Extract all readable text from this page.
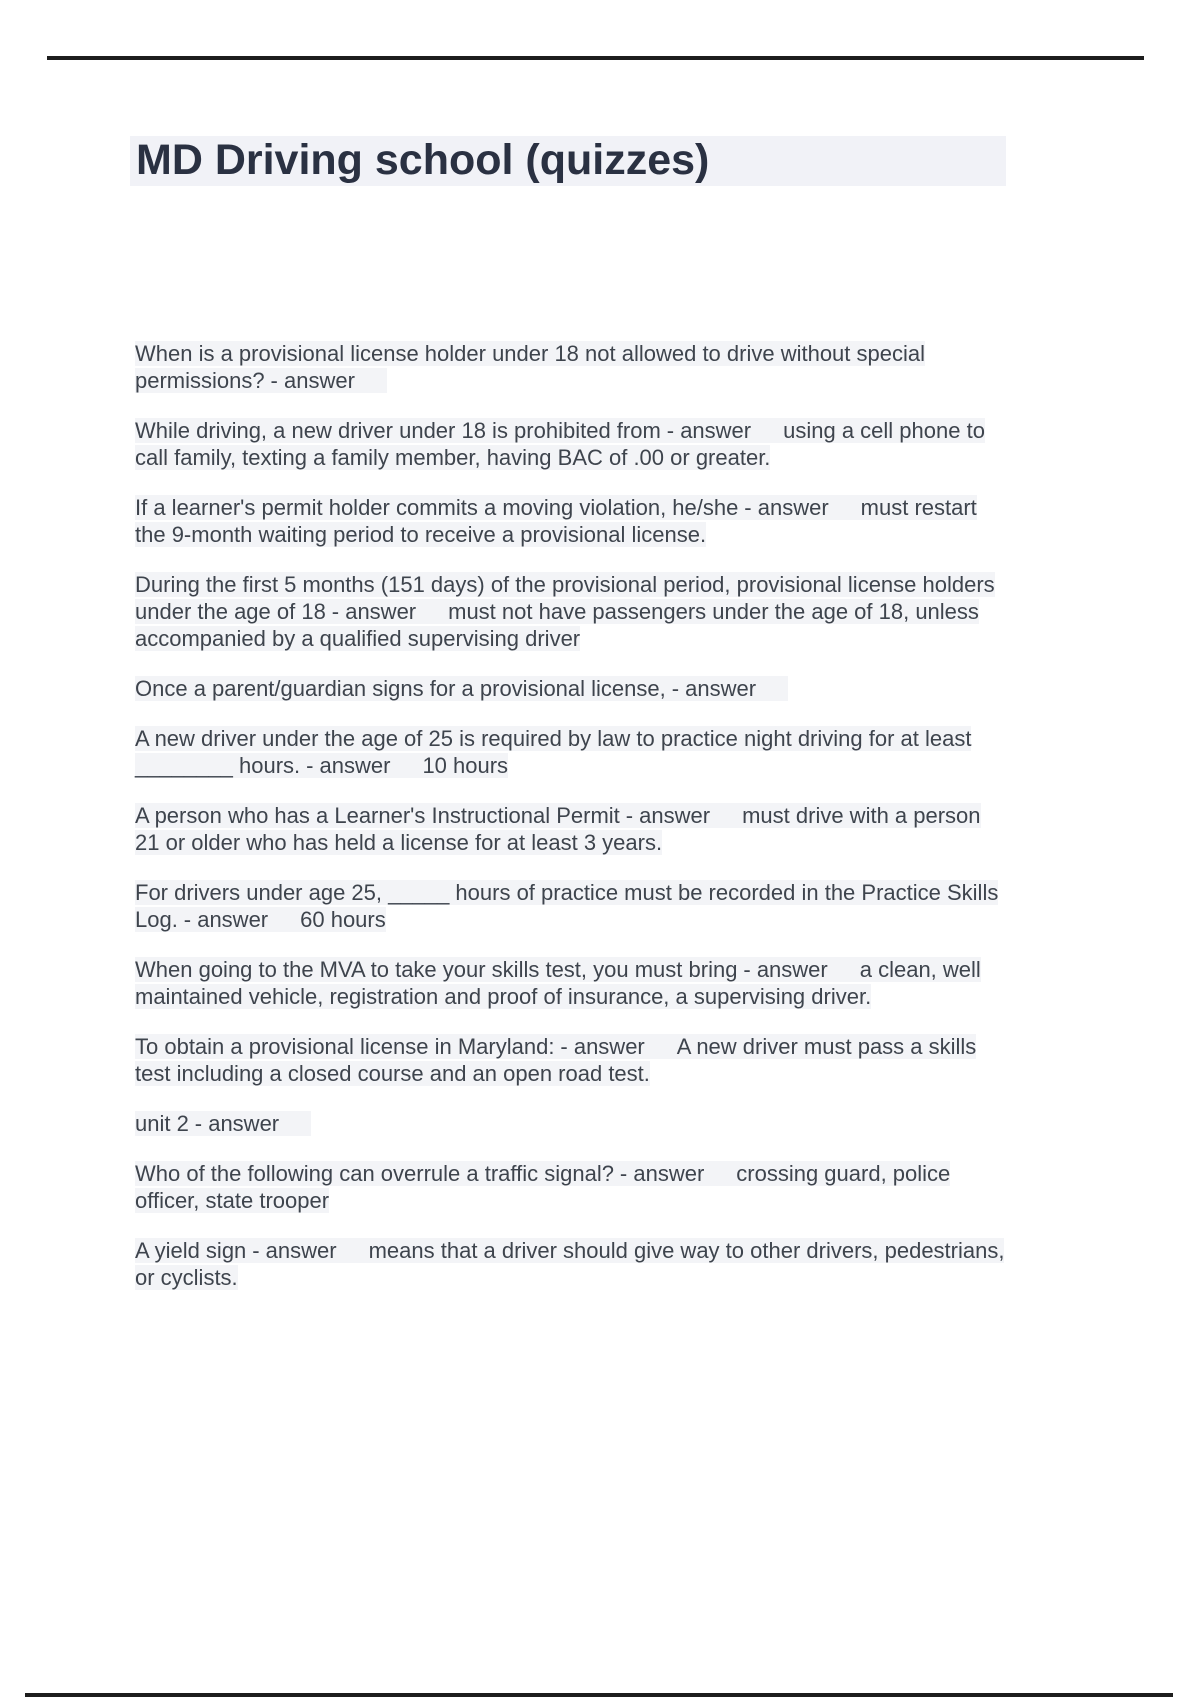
MD Driving school (quizzes)

When is a provisional license holder under 18 not allowed to drive without special permissions? - answer

While driving, a new driver under 18 is prohibited from - answer using a cell phone to call family, texting a family member, having BAC of .00 or greater.

If a learner's permit holder commits a moving violation, he/she - answer must restart the 9-month waiting period to receive a provisional license.

During the first 5 months (151 days) of the provisional period, provisional license holders under the age of 18 - answer must not have passengers under the age of 18, unless accompanied by a qualified supervising driver

Once a parent/guardian signs for a provisional license, - answer

A new driver under the age of 25 is required by law to practice night driving for at least ________ hours. - answer 10 hours

A person who has a Learner's Instructional Permit - answer must drive with a person 21 or older who has held a license for at least 3 years.

For drivers under age 25, _____ hours of practice must be recorded in the Practice Skills Log. - answer 60 hours

When going to the MVA to take your skills test, you must bring - answer a clean, well maintained vehicle, registration and proof of insurance, a supervising driver.

To obtain a provisional license in Maryland: - answer A new driver must pass a skills test including a closed course and an open road test.

unit 2 - answer

Who of the following can overrule a traffic signal? - answer crossing guard, police officer, state trooper

A yield sign - answer means that a driver should give way to other drivers, pedestrians, or cyclists.
